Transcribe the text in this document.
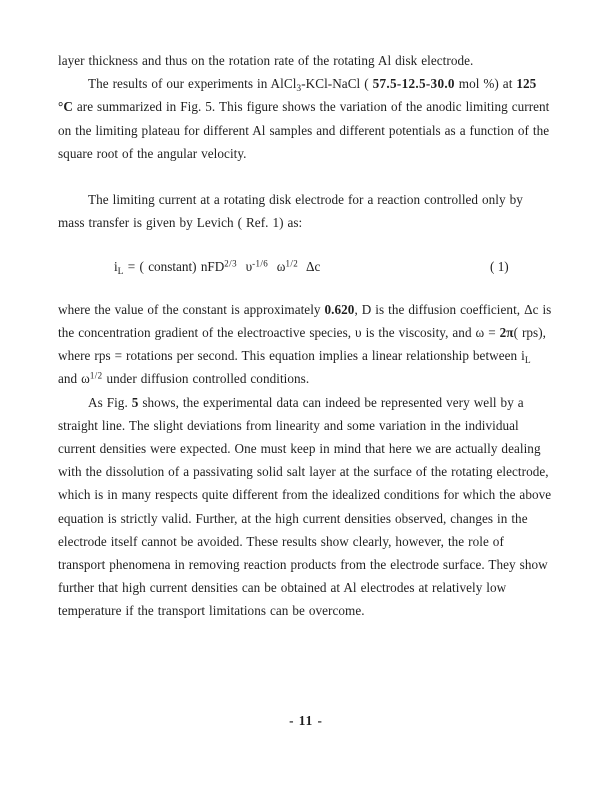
layer thickness and thus on the rotation rate of the rotating Al disk electrode.

The results of our experiments in AlCl$_3$-KCl-NaCl ( 57.5-12.5-30.0 mol %) at 125 °C are summarized in Fig. 5. This figure shows the variation of the anodic limiting current on the limiting plateau for different Al samples and different potentials as a function of the square root of the angular velocity.

The limiting current at a rotating disk electrode for a reaction controlled only by mass transfer is given by Levich ( Ref. 1) as:

$i_L$ = ( constant) nFD$^{2/3}$ $\upsilon^{-1/6}$ $\omega^{1/2}$ Δc	( 1)

where the value of the constant is approximately 0.620, D is the diffusion coefficient, Δc is the concentration gradient of the electroactive species, υ is the viscosity, and ω = 2π( rps), where rps = rotations per second. This equation implies a linear relationship between $i_L$ and $\omega^{1/2}$ under diffusion controlled conditions.

As Fig. 5 shows, the experimental data can indeed be represented very well by a straight line. The slight deviations from linearity and some variation in the individual current densities were expected. One must keep in mind that here we are actually dealing with the dissolution of a passivating solid salt layer at the surface of the rotating electrode, which is in many respects quite different from the idealized conditions for which the above equation is strictly valid. Further, at the high current densities observed, changes in the electrode itself cannot be avoided. These results show clearly, however, the role of transport phenomena in removing reaction products from the electrode surface. They show further that high current densities can be obtained at Al electrodes at relatively low temperature if the transport limitations can be overcome.

- 11 -
